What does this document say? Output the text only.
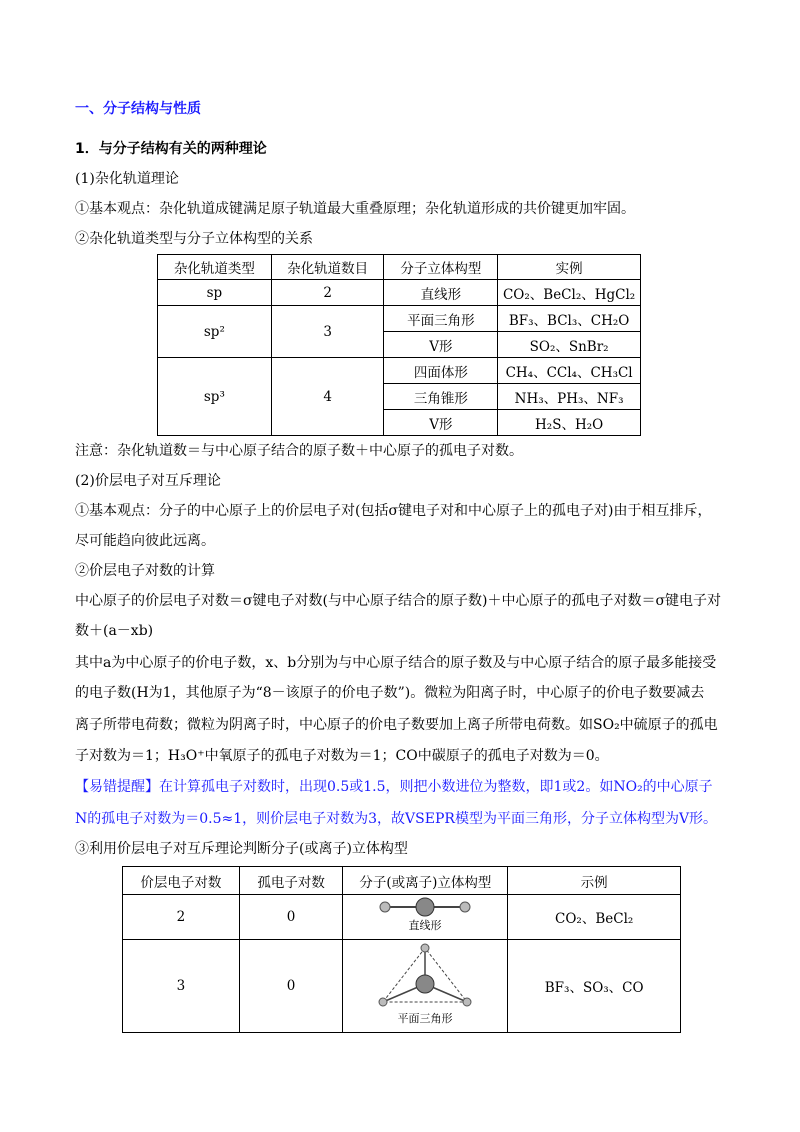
一、分子结构与性质
1．与分子结构有关的两种理论
(1)杂化轨道理论
①基本观点：杂化轨道成键满足原子轨道最大重叠原理；杂化轨道形成的共价键更加牢固。
②杂化轨道类型与分子立体构型的关系
杂化轨道类型	杂化轨道数目	分子立体构型	实例
sp	2	直线形	CO₂、BeCl₂、HgCl₂
sp²	3	平面三角形	BF₃、BCl₃、CH₂O
		V形	SO₂、SnBr₂
sp³	4	四面体形	CH₄、CCl₄、CH₃Cl
		三角锥形	NH₃、PH₃、NF₃
		V形	H₂S、H₂O
注意：杂化轨道数＝与中心原子结合的原子数＋中心原子的孤电子对数。
(2)价层电子对互斥理论
①基本观点：分子的中心原子上的价层电子对(包括σ键电子对和中心原子上的孤电子对)由于相互排斥，
尽可能趋向彼此远离。
②价层电子对数的计算
中心原子的价层电子对数＝σ键电子对数(与中心原子结合的原子数)＋中心原子的孤电子对数＝σ键电子对
数＋(a－xb)
其中a为中心原子的价电子数，x、b分别为与中心原子结合的原子数及与中心原子结合的原子最多能接受
的电子数(H为1，其他原子为“8－该原子的价电子数”)。微粒为阳离子时，中心原子的价电子数要减去
离子所带电荷数；微粒为阴离子时，中心原子的价电子数要加上离子所带电荷数。如SO₂中硫原子的孤电
子对数为＝1；H₃O⁺中氧原子的孤电子对数为＝1；CO中碳原子的孤电子对数为＝0。
【易错提醒】在计算孤电子对数时，出现0.5或1.5，则把小数进位为整数，即1或2。如NO₂的中心原子
N的孤电子对数为＝0.5≈1，则价层电子对数为3，故VSEPR模型为平面三角形，分子立体构型为V形。
③利用价层电子对互斥理论判断分子(或离子)立体构型
价层电子对数	孤电子对数	分子(或离子)立体构型	示例
2	0	直线形	CO₂、BeCl₂
3	0	平面三角形	BF₃、SO₃、CO
